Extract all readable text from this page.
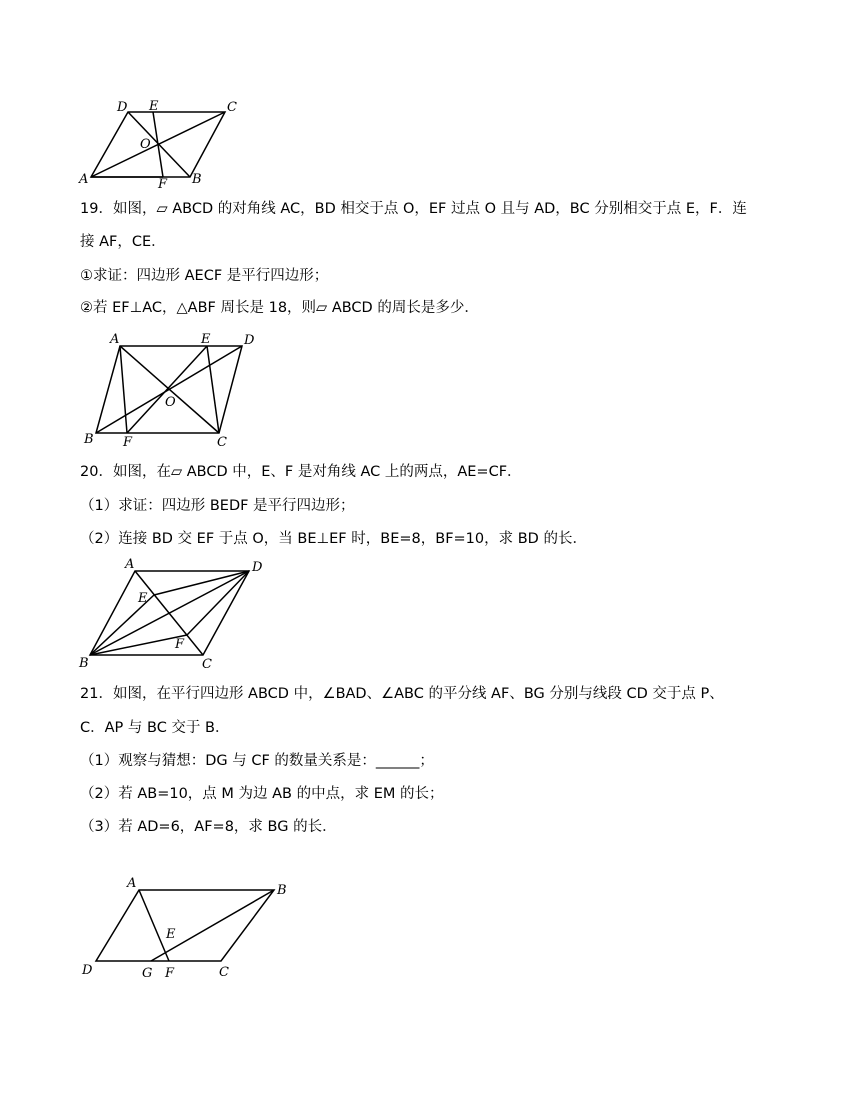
D E	C
O
A	F B
19．如图，▱ ABCD 的对角线 AC，BD 相交于点 O，EF 过点 O 且与 AD，BC 分别相交于点 E，F．连
接 AF，CE．
①求证：四边形 AECF 是平行四边形；
②若 EF⊥AC，△ABF 周长是 18，则▱ ABCD 的周长是多少．
A	E	D
O
B F	C
20．如图，在▱ ABCD 中，E、F 是对角线 AC 上的两点，AE=CF．
（1）求证：四边形 BEDF 是平行四边形；
（2）连接 BD 交 EF 于点 O，当 BE⊥EF 时，BE=8，BF=10，求 BD 的长．
A	D
E
F
B	C
21．如图，在平行四边形 ABCD 中，∠BAD、∠ABC 的平分线 AF、BG 分别与线段 CD 交于点 P、
C．AP 与 BC 交于 B．
（1）观察与猜想：DG 与 CF 的数量关系是：______；
（2）若 AB=10，点 M 为边 AB 的中点，求 EM 的长；
（3）若 AD=6，AF=8，求 BG 的长．
A	B
E
D	G F	C
